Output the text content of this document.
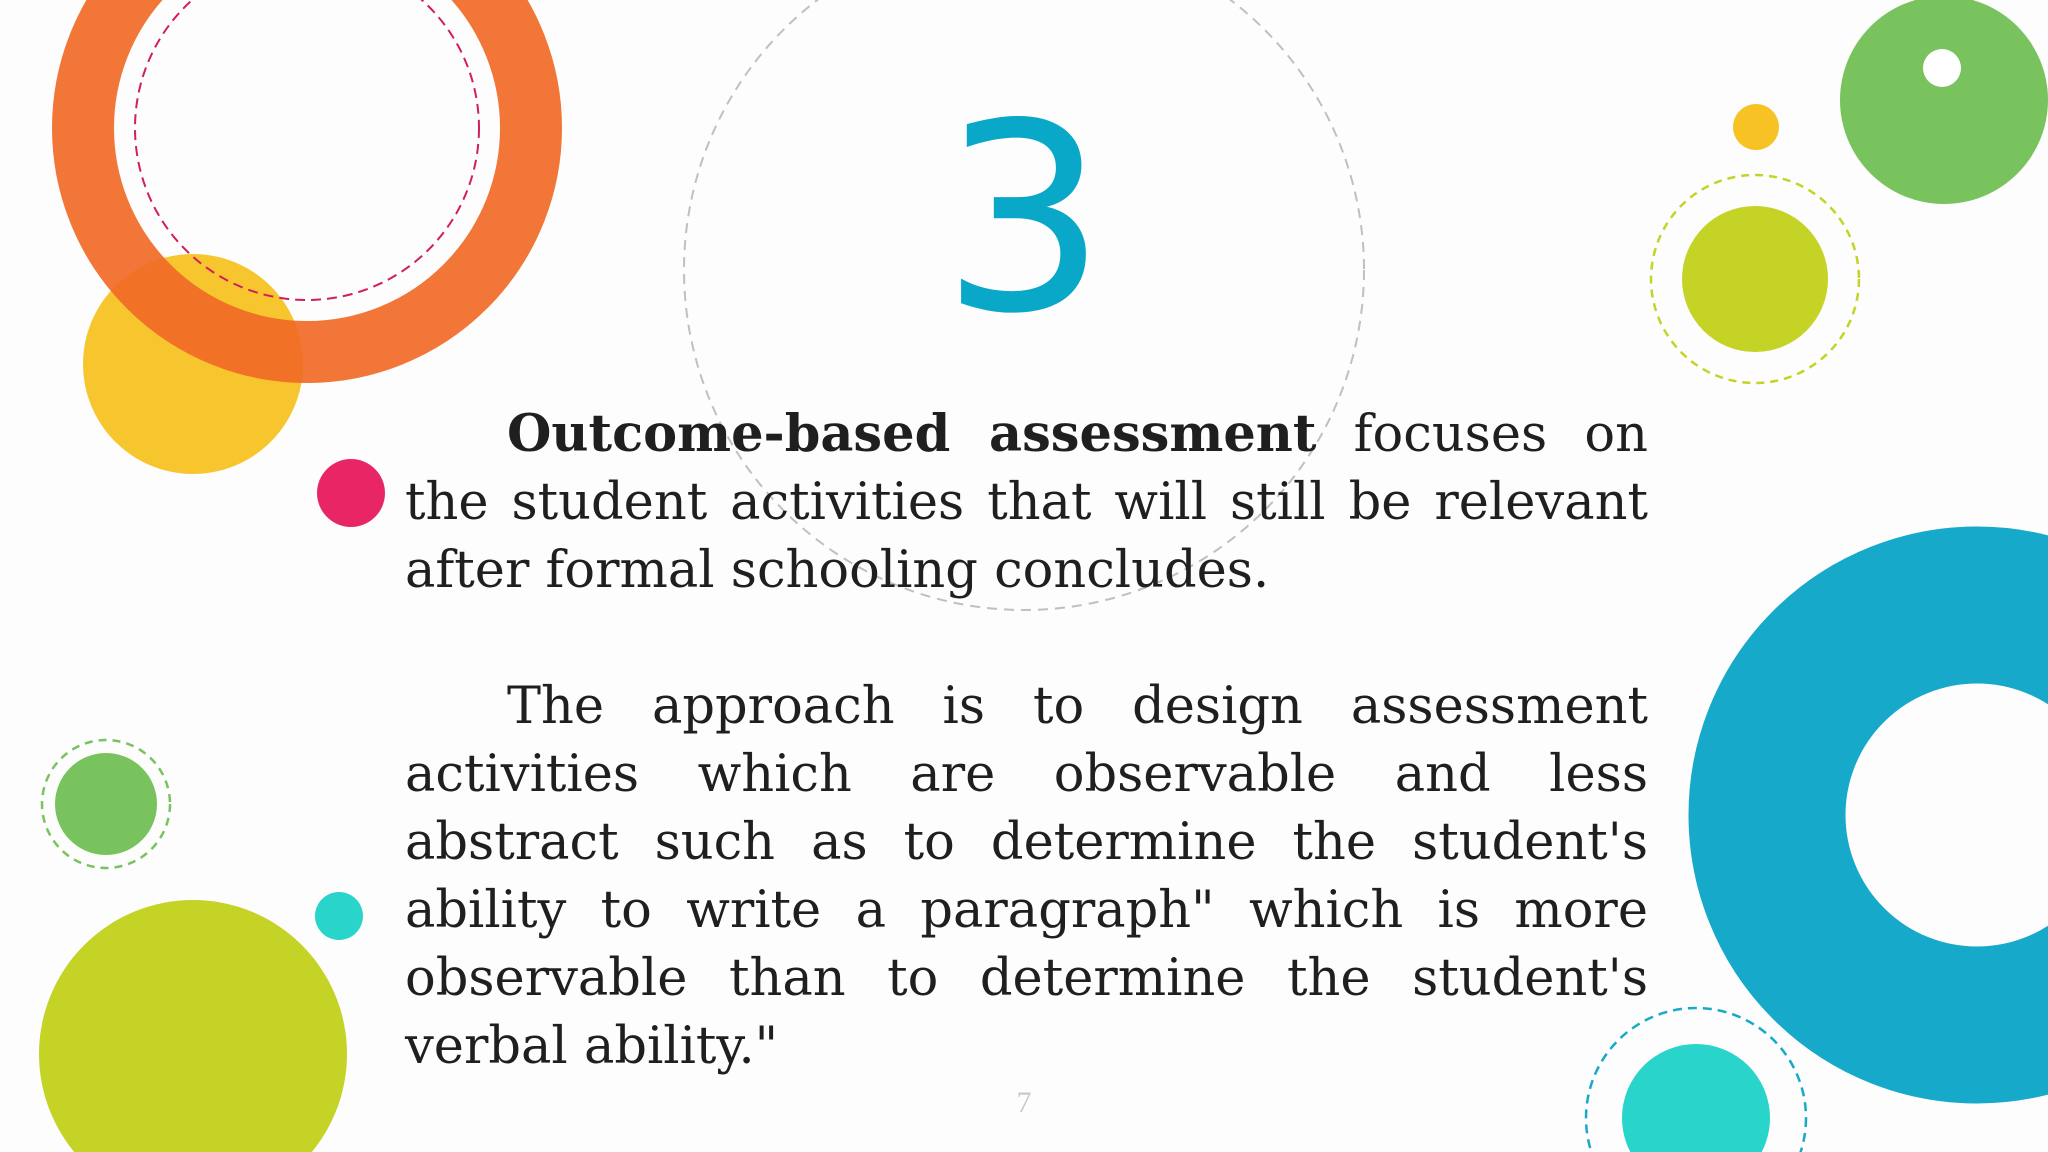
3

Outcome-based assessment focuses on the student activities that will still be relevant after formal schooling concludes.

The approach is to design assessment activities which are observable and less abstract such as to determine the student's ability to write a paragraph" which is more observable than to determine the student's verbal ability."

7
